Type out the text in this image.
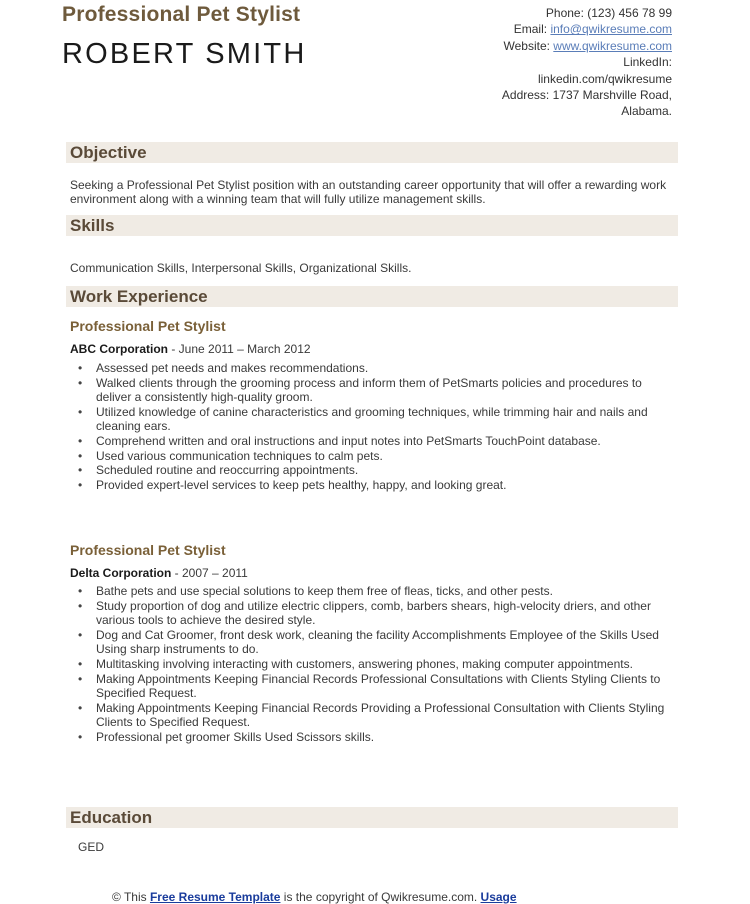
Professional Pet Stylist
ROBERT SMITH
Phone: (123) 456 78 99
Email: info@qwikresume.com
Website: www.qwikresume.com
LinkedIn:
linkedin.com/qwikresume
Address: 1737 Marshville Road,
Alabama.
Objective
Seeking a Professional Pet Stylist position with an outstanding career opportunity that will offer a rewarding work environment along with a winning team that will fully utilize management skills.
Skills
Communication Skills, Interpersonal Skills, Organizational Skills.
Work Experience
Professional Pet Stylist
ABC Corporation - June 2011 – March 2012
• Assessed pet needs and makes recommendations.
• Walked clients through the grooming process and inform them of PetSmarts policies and procedures to deliver a consistently high-quality groom.
• Utilized knowledge of canine characteristics and grooming techniques, while trimming hair and nails and cleaning ears.
• Comprehend written and oral instructions and input notes into PetSmarts TouchPoint database.
• Used various communication techniques to calm pets.
• Scheduled routine and reoccurring appointments.
• Provided expert-level services to keep pets healthy, happy, and looking great.
Professional Pet Stylist
Delta Corporation - 2007 – 2011
• Bathe pets and use special solutions to keep them free of fleas, ticks, and other pests.
• Study proportion of dog and utilize electric clippers, comb, barbers shears, high-velocity driers, and other various tools to achieve the desired style.
• Dog and Cat Groomer, front desk work, cleaning the facility Accomplishments Employee of the Skills Used Using sharp instruments to do.
• Multitasking involving interacting with customers, answering phones, making computer appointments.
• Making Appointments Keeping Financial Records Professional Consultations with Clients Styling Clients to Specified Request.
• Making Appointments Keeping Financial Records Providing a Professional Consultation with Clients Styling Clients to Specified Request.
• Professional pet groomer Skills Used Scissors skills.
Education
GED
© This Free Resume Template is the copyright of Qwikresume.com. Usage
